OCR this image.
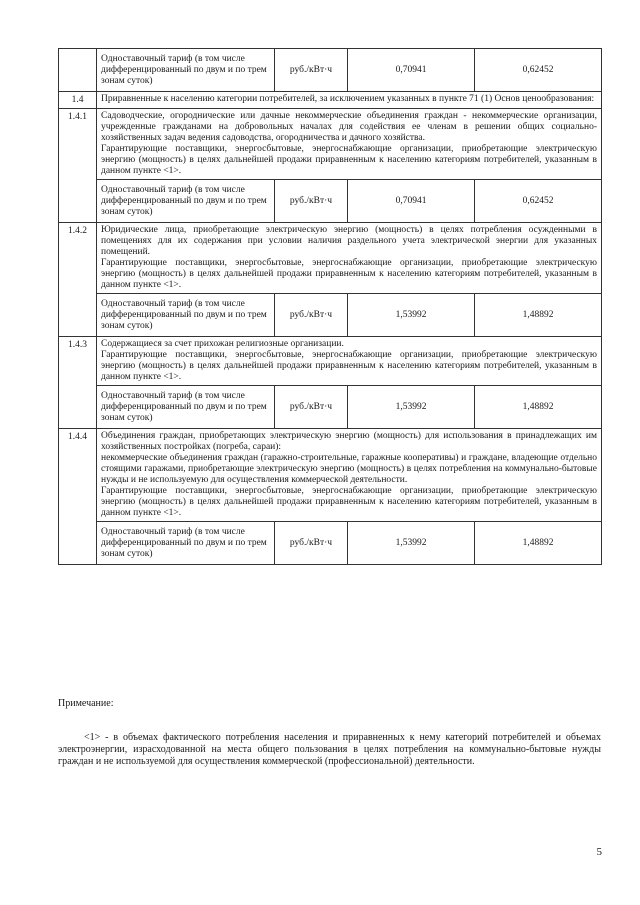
	Одноставочный тариф (в том числе дифференцированный по двум и по трем зонам суток)	руб./кВт·ч	0,70941	0,62452
1.4	Приравненные к населению категории потребителей, за исключением указанных в пункте 71 (1) Основ ценообразования:			
1.4.1	Садоводческие, огороднические или дачные некоммерческие объединения граждан - некоммерческие организации, учрежденные гражданами на добровольных началах для содействия ее членам в решении общих социально-хозяйственных задач ведения садоводства, огородничества и дачного хозяйства.

Гарантирующие поставщики, энергосбытовые, энергоснабжающие организации, приобретающие электрическую энергию (мощность) в целях дальнейшей продажи приравненным к населению категориям потребителей, указанным в данном пункте <1>.			

	Одноставочный тариф (в том числе дифференцированный по двум и по трем зонам суток)	руб./кВт·ч	0,70941	0,62452
1.4.2	Юридические лица, приобретающие электрическую энергию (мощность) в целях потребления осужденными в помещениях для их содержания при условии наличия раздельного учета электрической энергии для указанных помещений.

Гарантирующие поставщики, энергосбытовые, энергоснабжающие организации, приобретающие электрическую энергию (мощность) в целях дальнейшей продажи приравненным к населению категориям потребителей, указанным в данном пункте <1>.			

	Одноставочный тариф (в том числе дифференцированный по двум и по трем зонам суток)	руб./кВт·ч	1,53992	1,48892
1.4.3	Содержащиеся за счет прихожан религиозные организации.

Гарантирующие поставщики, энергосбытовые, энергоснабжающие организации, приобретающие электрическую энергию (мощность) в целях дальнейшей продажи приравненным к населению категориям потребителей, указанным в данном пункте <1>.			

	Одноставочный тариф (в том числе дифференцированный по двум и по трем зонам суток)	руб./кВт·ч	1,53992	1,48892
1.4.4	Объединения граждан, приобретающих электрическую энергию (мощность) для использования в принадлежащих им хозяйственных постройках (погреба, сараи):

некоммерческие объединения граждан (гаражно-строительные, гаражные кооперативы) и граждане, владеющие отдельно стоящими гаражами, приобретающие электрическую энергию (мощность) в целях потребления на коммунально-бытовые нужды и не используемую для осуществления коммерческой деятельности.

Гарантирующие поставщики, энергосбытовые, энергоснабжающие организации, приобретающие электрическую энергию (мощность) в целях дальнейшей продажи приравненным к населению категориям потребителей, указанным в данном пункте <1>.			

	Одноставочный тариф (в том числе дифференцированный по двум и по трем зонам суток)	руб./кВт·ч	1,53992	1,48892

Примечание:

<1> - в объемах фактического потребления населения и приравненных к нему категорий потребителей и объемах электроэнергии, израсходованной на места общего пользования в целях потребления на коммунально-бытовые нужды граждан и не используемой для осуществления коммерческой (профессиональной) деятельности.

5
